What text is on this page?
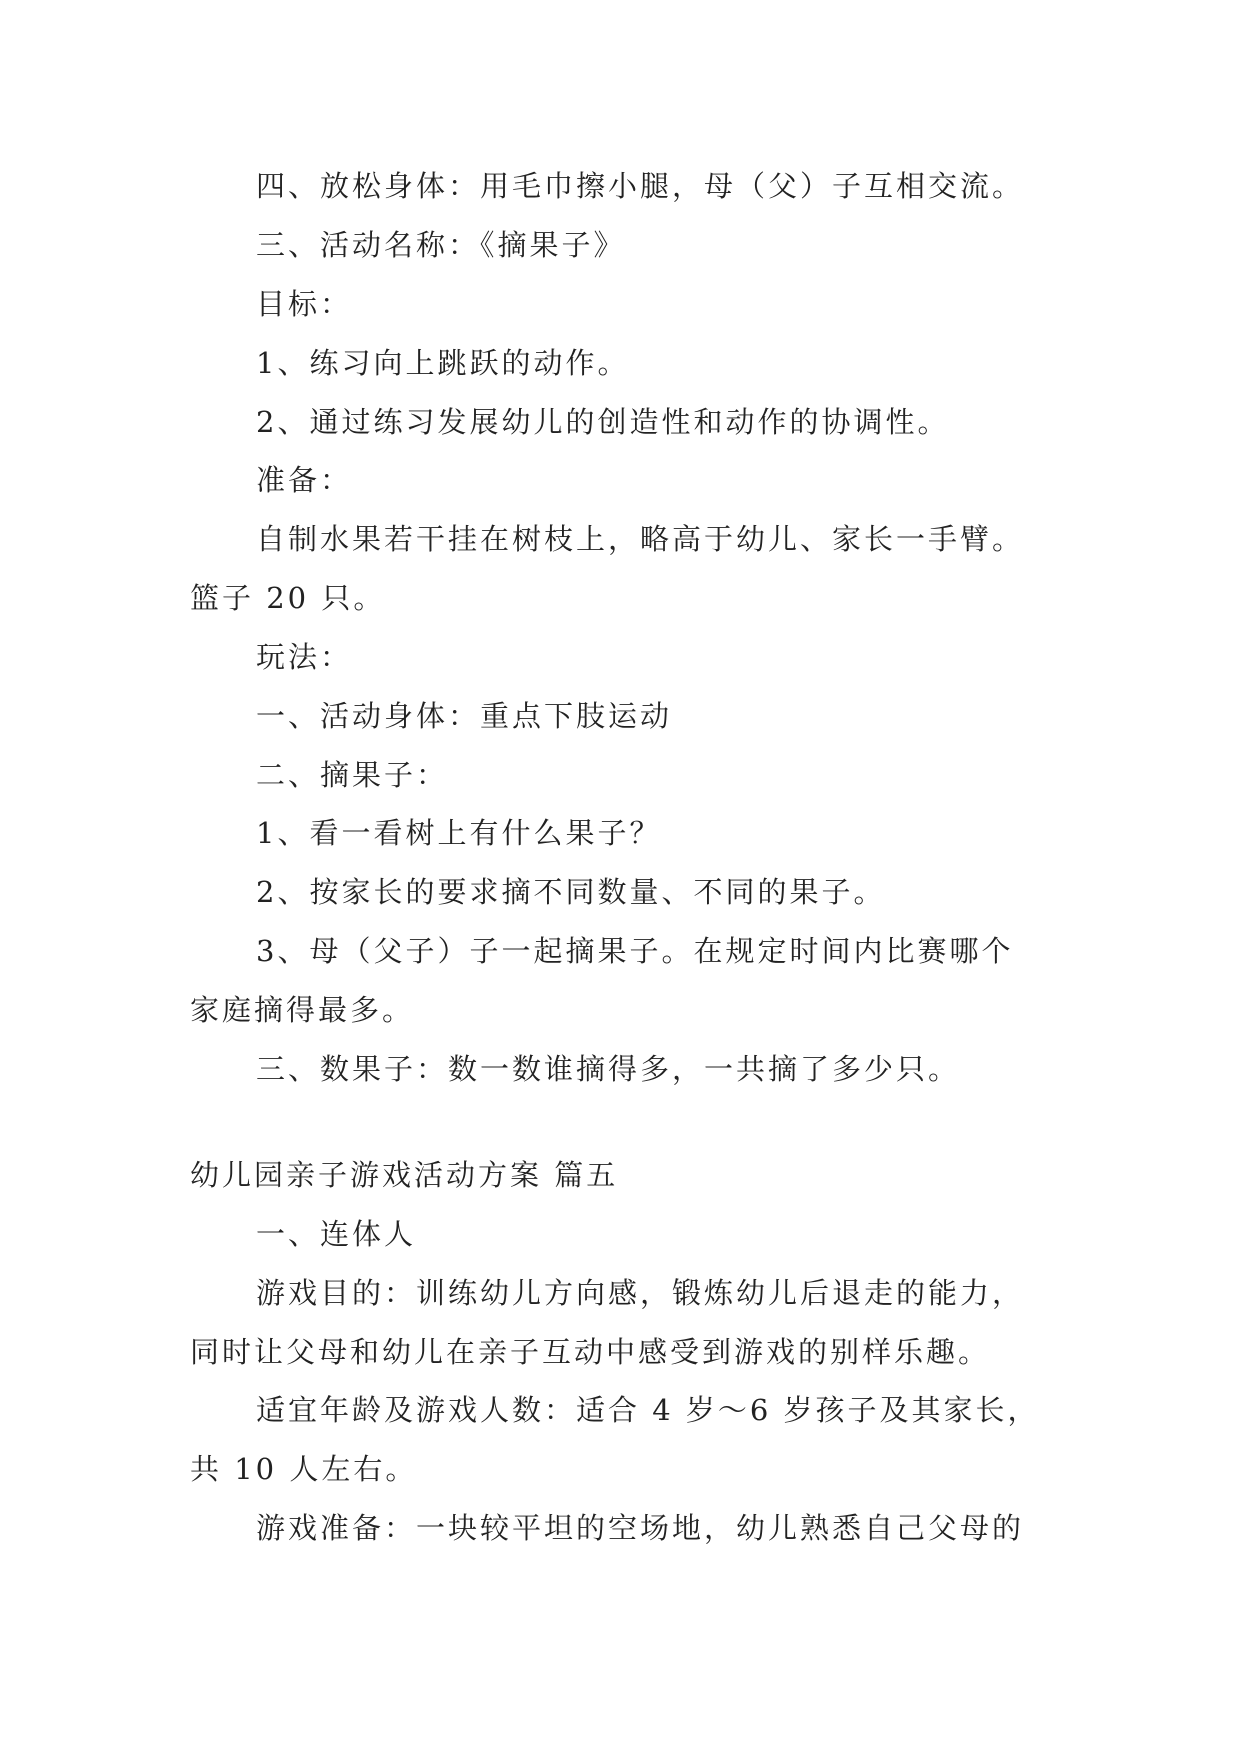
四、放松身体：用毛巾擦小腿，母（父）子互相交流。
三、活动名称：《摘果子》
目标：
1、练习向上跳跃的动作。
2、通过练习发展幼儿的创造性和动作的协调性。
准备：
自制水果若干挂在树枝上，略高于幼儿、家长一手臂。
篮子 20 只。
玩法：
一、活动身体：重点下肢运动
二、摘果子：
1、看一看树上有什么果子？
2、按家长的要求摘不同数量、不同的果子。
3、母（父子）子一起摘果子。在规定时间内比赛哪个
家庭摘得最多。
三、数果子：数一数谁摘得多，一共摘了多少只。
幼儿园亲子游戏活动方案 篇五
一、连体人
游戏目的：训练幼儿方向感，锻炼幼儿后退走的能力，
同时让父母和幼儿在亲子互动中感受到游戏的别样乐趣。
适宜年龄及游戏人数：适合 4 岁～6 岁孩子及其家长，
共 10 人左右。
游戏准备：一块较平坦的空场地，幼儿熟悉自己父母的
